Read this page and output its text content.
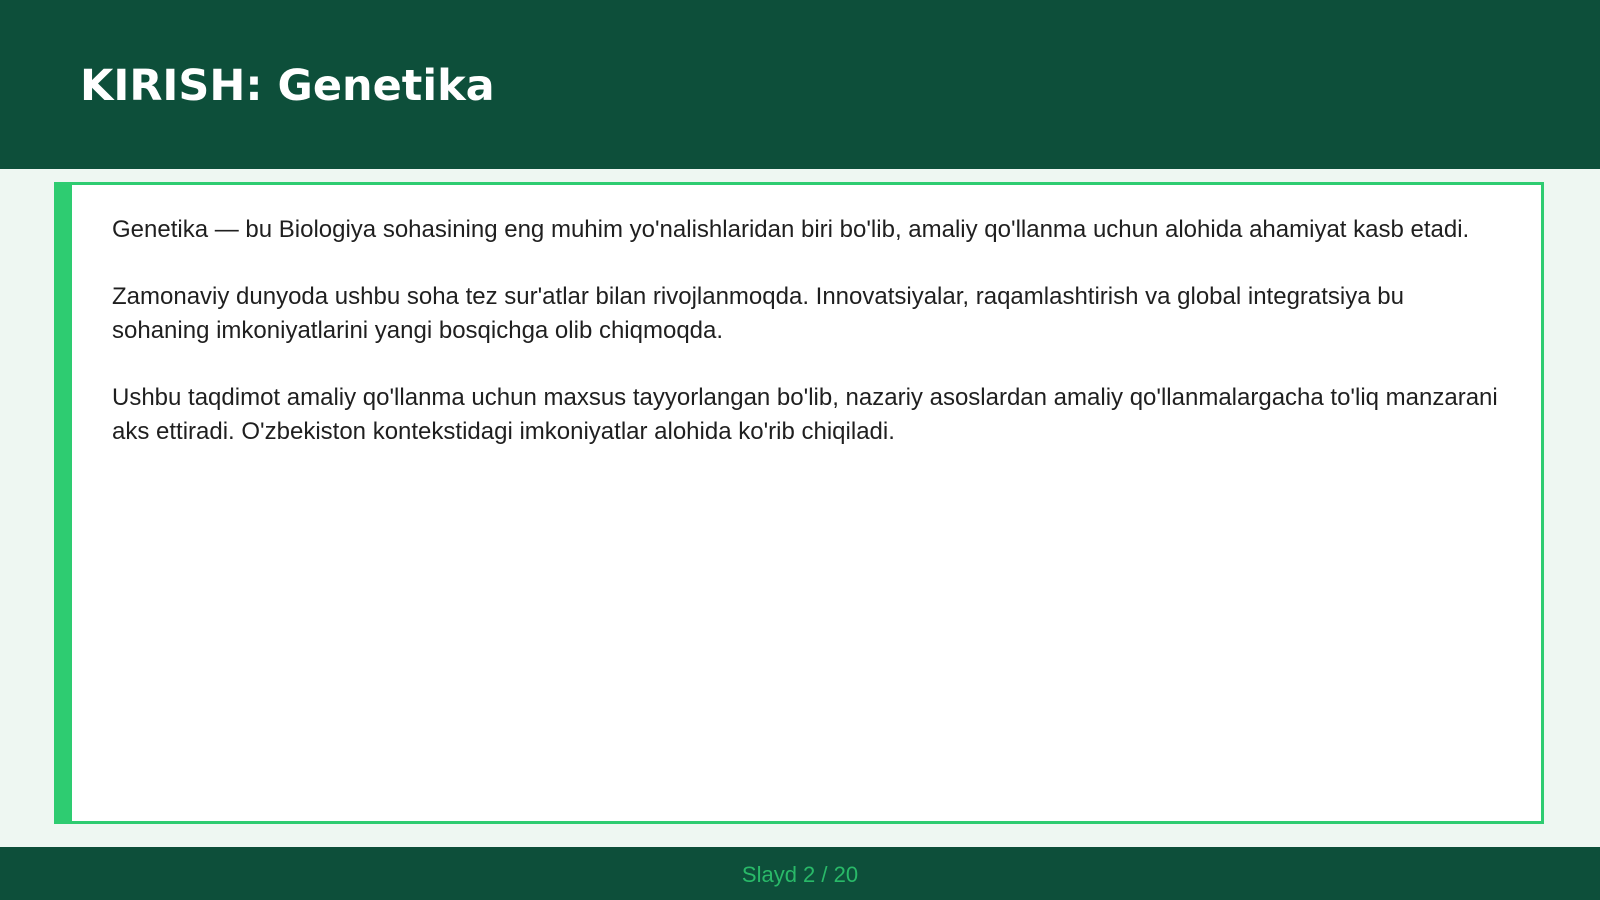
KIRISH: Genetika

Genetika — bu Biologiya sohasining eng muhim yo'nalishlaridan biri bo'lib, amaliy qo'llanma uchun alohida ahamiyat kasb etadi.

Zamonaviy dunyoda ushbu soha tez sur'atlar bilan rivojlanmoqda. Innovatsiyalar, raqamlashtirish va global integratsiya bu sohaning imkoniyatlarini yangi bosqichga olib chiqmoqda.

Ushbu taqdimot amaliy qo'llanma uchun maxsus tayyorlangan bo'lib, nazariy asoslardan amaliy qo'llanmalargacha to'liq manzarani aks ettiradi. O'zbekiston kontekstidagi imkoniyatlar alohida ko'rib chiqiladi.

Slayd 2 / 20
